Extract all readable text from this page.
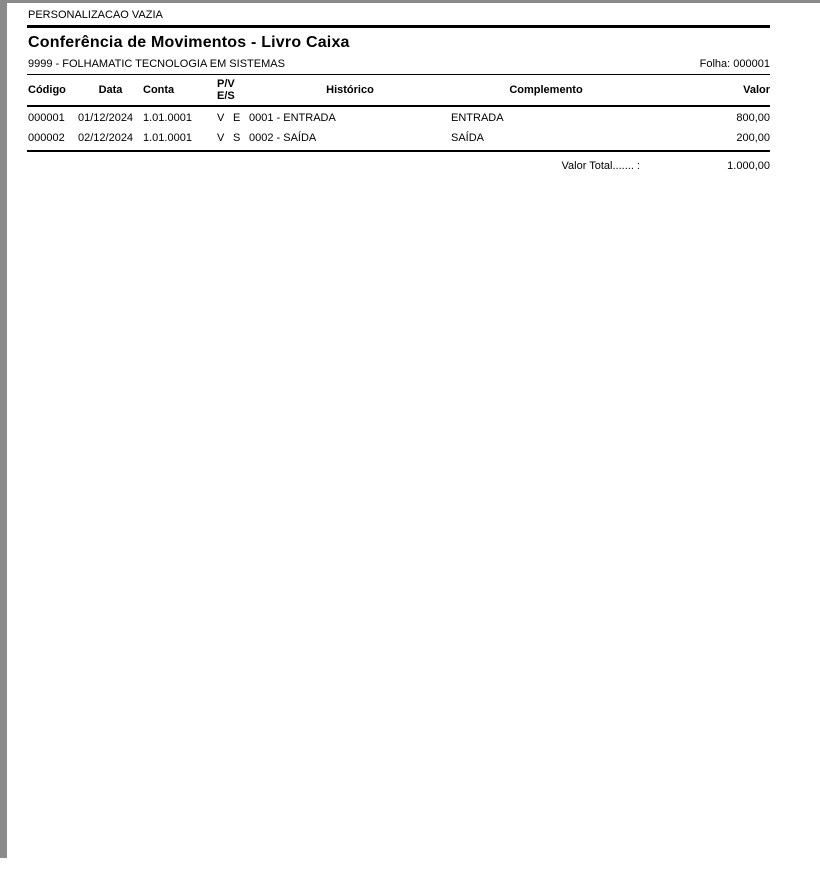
PERSONALIZACAO VAZIA
Conferência de Movimentos - Livro Caixa
9999 - FOLHAMATIC TECNOLOGIA EM SISTEMAS	Folha: 000001
Código	Data	Conta	P/V E/S	Histórico	Complemento	Valor
000001	01/12/2024 1.01.0001	V E 0001 - ENTRADA	ENTRADA	800,00
000002	02/12/2024 1.01.0001	V S 0002 - SAÍDA	SAÍDA	200,00
Valor Total....... :	1.000,00
